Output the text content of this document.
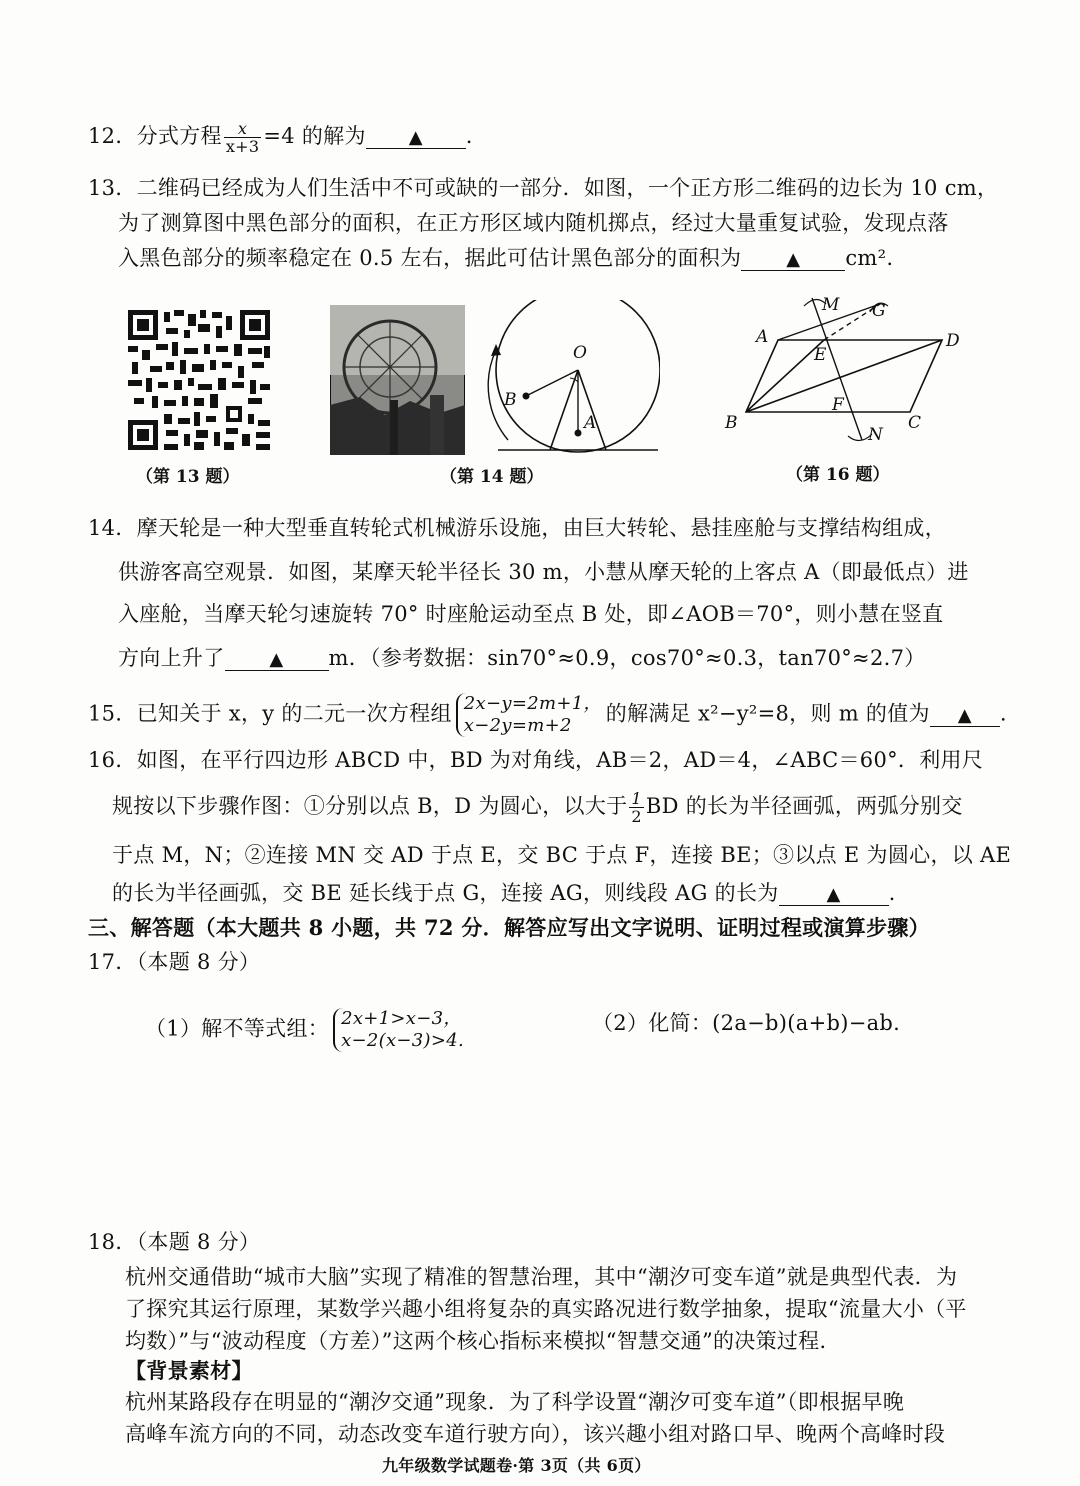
12．分式方程 $\frac{x}{x+3} =4$ 的解为 ▲ .
13．二维码已经成为人们生活中不可或缺的一部分．如图，一个正方形二维码的边长为 10 cm，
为了测算图中黑色部分的面积，在正方形区域内随机掷点，经过大量重复试验，发现点落
入黑色部分的频率稳定在 0.5 左右，据此可估计黑色部分的面积为 ▲ cm².
（第 13 题）
O
B
A
（第 14 题）
A	D
B	C
E
F
G
M
N
（第 16 题）
14．摩天轮是一种大型垂直转轮式机械游乐设施，由巨大转轮、悬挂座舱与支撑结构组成，
供游客高空观景．如图，某摩天轮半径长 30 m，小慧从摩天轮的上客点 A（即最低点）进
入座舱，当摩天轮匀速旋转 70° 时座舱运动至点 B 处，即∠AOB＝70°，则小慧在竖直
方向上升了 ▲ m．（参考数据：sin70°≈0.9，cos70°≈0.3，tan70°≈2.7）
15．已知关于 x，y 的二元一次方程组 2x−y=2m+1，
x−2y=m+2	的解满足 x²−y²=8，则 m 的值为 ▲ .
16．如图，在平行四边形 ABCD 中，BD 为对角线，AB＝2，AD＝4，∠ABC＝60°．利用尺
规按以下步骤作图：①分别以点 B，D 为圆心，以大于 $\frac{1}{2}$ BD 的长为半径画弧，两弧分别交
于点 M，N；②连接 MN 交 AD 于点 E，交 BC 于点 F，连接 BE；③以点 E 为圆心，以 AE
的长为半径画弧，交 BE 延长线于点 G，连接 AG，则线段 AG 的长为	▲ .
三、解答题（本大题共 8 小题，共 72 分．解答应写出文字说明、证明过程或演算步骤）
17．（本题 8 分）
（1）解不等式组： 2x+1>x−3，
x−2(x−3)>4.
（2）化简：(2a−b)(a+b)−ab.
18．（本题 8 分）
杭州交通借助“城市大脑”实现了精准的智慧治理，其中“潮汐可变车道”就是典型代表．为
了探究其运行原理，某数学兴趣小组将复杂的真实路况进行数学抽象，提取“流量大小（平
均数）”与“波动程度（方差）”这两个核心指标来模拟“智慧交通”的决策过程．
【背景素材】
杭州某路段存在明显的“潮汐交通”现象．为了科学设置“潮汐可变车道”（即根据早晚
高峰车流方向的不同，动态改变车道行驶方向），该兴趣小组对路口早、晚两个高峰时段
九年级数学试题卷·第 3页（共 6页）
